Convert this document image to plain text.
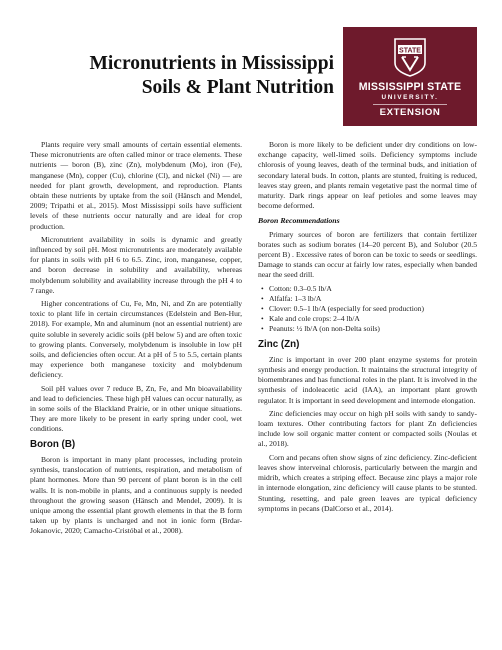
Micronutrients in Mississippi
Soils & Plant Nutrition
STATE
MISSISSIPPI STATE
UNIVERSITY.
EXTENSION

Plants require very small amounts of certain essential elements. These micronutrients are often called minor or trace elements. These nutrients — boron (B), zinc (Zn), molybdenum (Mo), iron (Fe), manganese (Mn), copper (Cu), chlorine (Cl), and nickel (Ni) — are needed for plant growth, development, and reproduction. Plants obtain these nutrients by uptake from the soil (Hänsch and Mendel, 2009; Tripathi et al., 2015). Most Mississippi soils have sufficient levels of these nutrients occur naturally and are ideal for crop production.

Micronutrient availability in soils is dynamic and greatly influenced by soil pH. Most micronutrients are moderately available for plants in soils with pH 6 to 6.5. Zinc, iron, manganese, copper, and boron decrease in solubility and availability, whereas molybdenum solubility and availability increase through the pH 4 to 7 range.

Higher concentrations of Cu, Fe, Mn, Ni, and Zn are potentially toxic to plant life in certain circumstances (Edelstein and Ben-Hur, 2018). For example, Mn and aluminum (not an essential nutrient) are quite soluble in severely acidic soils (pH below 5) and are often toxic to growing plants. Conversely, molybdenum is insoluble in low pH soils, and deficiencies often occur. At a pH of 5 to 5.5, certain plants may experience both manganese toxicity and molybdenum deficiency.

Soil pH values over 7 reduce B, Zn, Fe, and Mn bioavailability and lead to deficiencies. These high pH values can occur naturally, as in some soils of the Blackland Prairie, or in other unique situations. They are more likely to be present in early spring under cool, wet conditions.

Boron (B)

Boron is important in many plant processes, including protein synthesis, translocation of nutrients, respiration, and metabolism of plant hormones. More than 90 percent of plant boron is in the cell walls. It is non-mobile in plants, and a continuous supply is needed throughout the growing season (Hänsch and Mendel, 2009). It is unique among the essential plant growth elements in that the B form taken up by plants is uncharged and not in ionic form (Brdar-Jokanovic, 2020; Camacho-Cristóbal et al., 2008).

Boron is more likely to be deficient under dry conditions on low-exchange capacity, well-limed soils. Deficiency symptoms include chlorosis of young leaves, death of the terminal buds, and initiation of secondary lateral buds. In cotton, plants are stunted, fruiting is reduced, leaves stay green, and plants remain vegetative past the normal time of maturity. Dark rings appear on leaf petioles and some leaves may become deformed.

Boron Recommendations

Primary sources of boron are fertilizers that contain fertilizer borates such as sodium borates (14–20 percent B), and Solubor (20.5 percent B) . Excessive rates of boron can be toxic to seeds or seedlings. Damage to stands can occur at fairly low rates, especially when banded near the seed drill.

• Cotton: 0.3–0.5 lb/A
• Alfalfa: 1–3 lb/A
• Clover: 0.5–1 lb/A (especially for seed production)
• Kale and cole crops: 2–4 lb/A
• Peanuts: ½ lb/A (on non-Delta soils)
Zinc (Zn)

Zinc is important in over 200 plant enzyme systems for protein synthesis and energy production. It maintains the structural integrity of biomembranes and has functional roles in the plant. It is involved in the synthesis of indoleacetic acid (IAA), an important plant growth regulator. It is important in seed development and internode elongation.

Zinc deficiencies may occur on high pH soils with sandy to sandy-loam textures. Other contributing factors for plant Zn deficiencies include low soil organic matter content or compacted soils (Noulas et al., 2018).

Corn and pecans often show signs of zinc deficiency. Zinc-deficient leaves show interveinal chlorosis, particularly between the margin and midrib, which creates a striping effect. Because zinc plays a major role in internode elongation, zinc deficiency will cause plants to be stunted. Stunting, resetting, and pale green leaves are typical deficiency symptoms in pecans (DalCorso et al., 2014).
